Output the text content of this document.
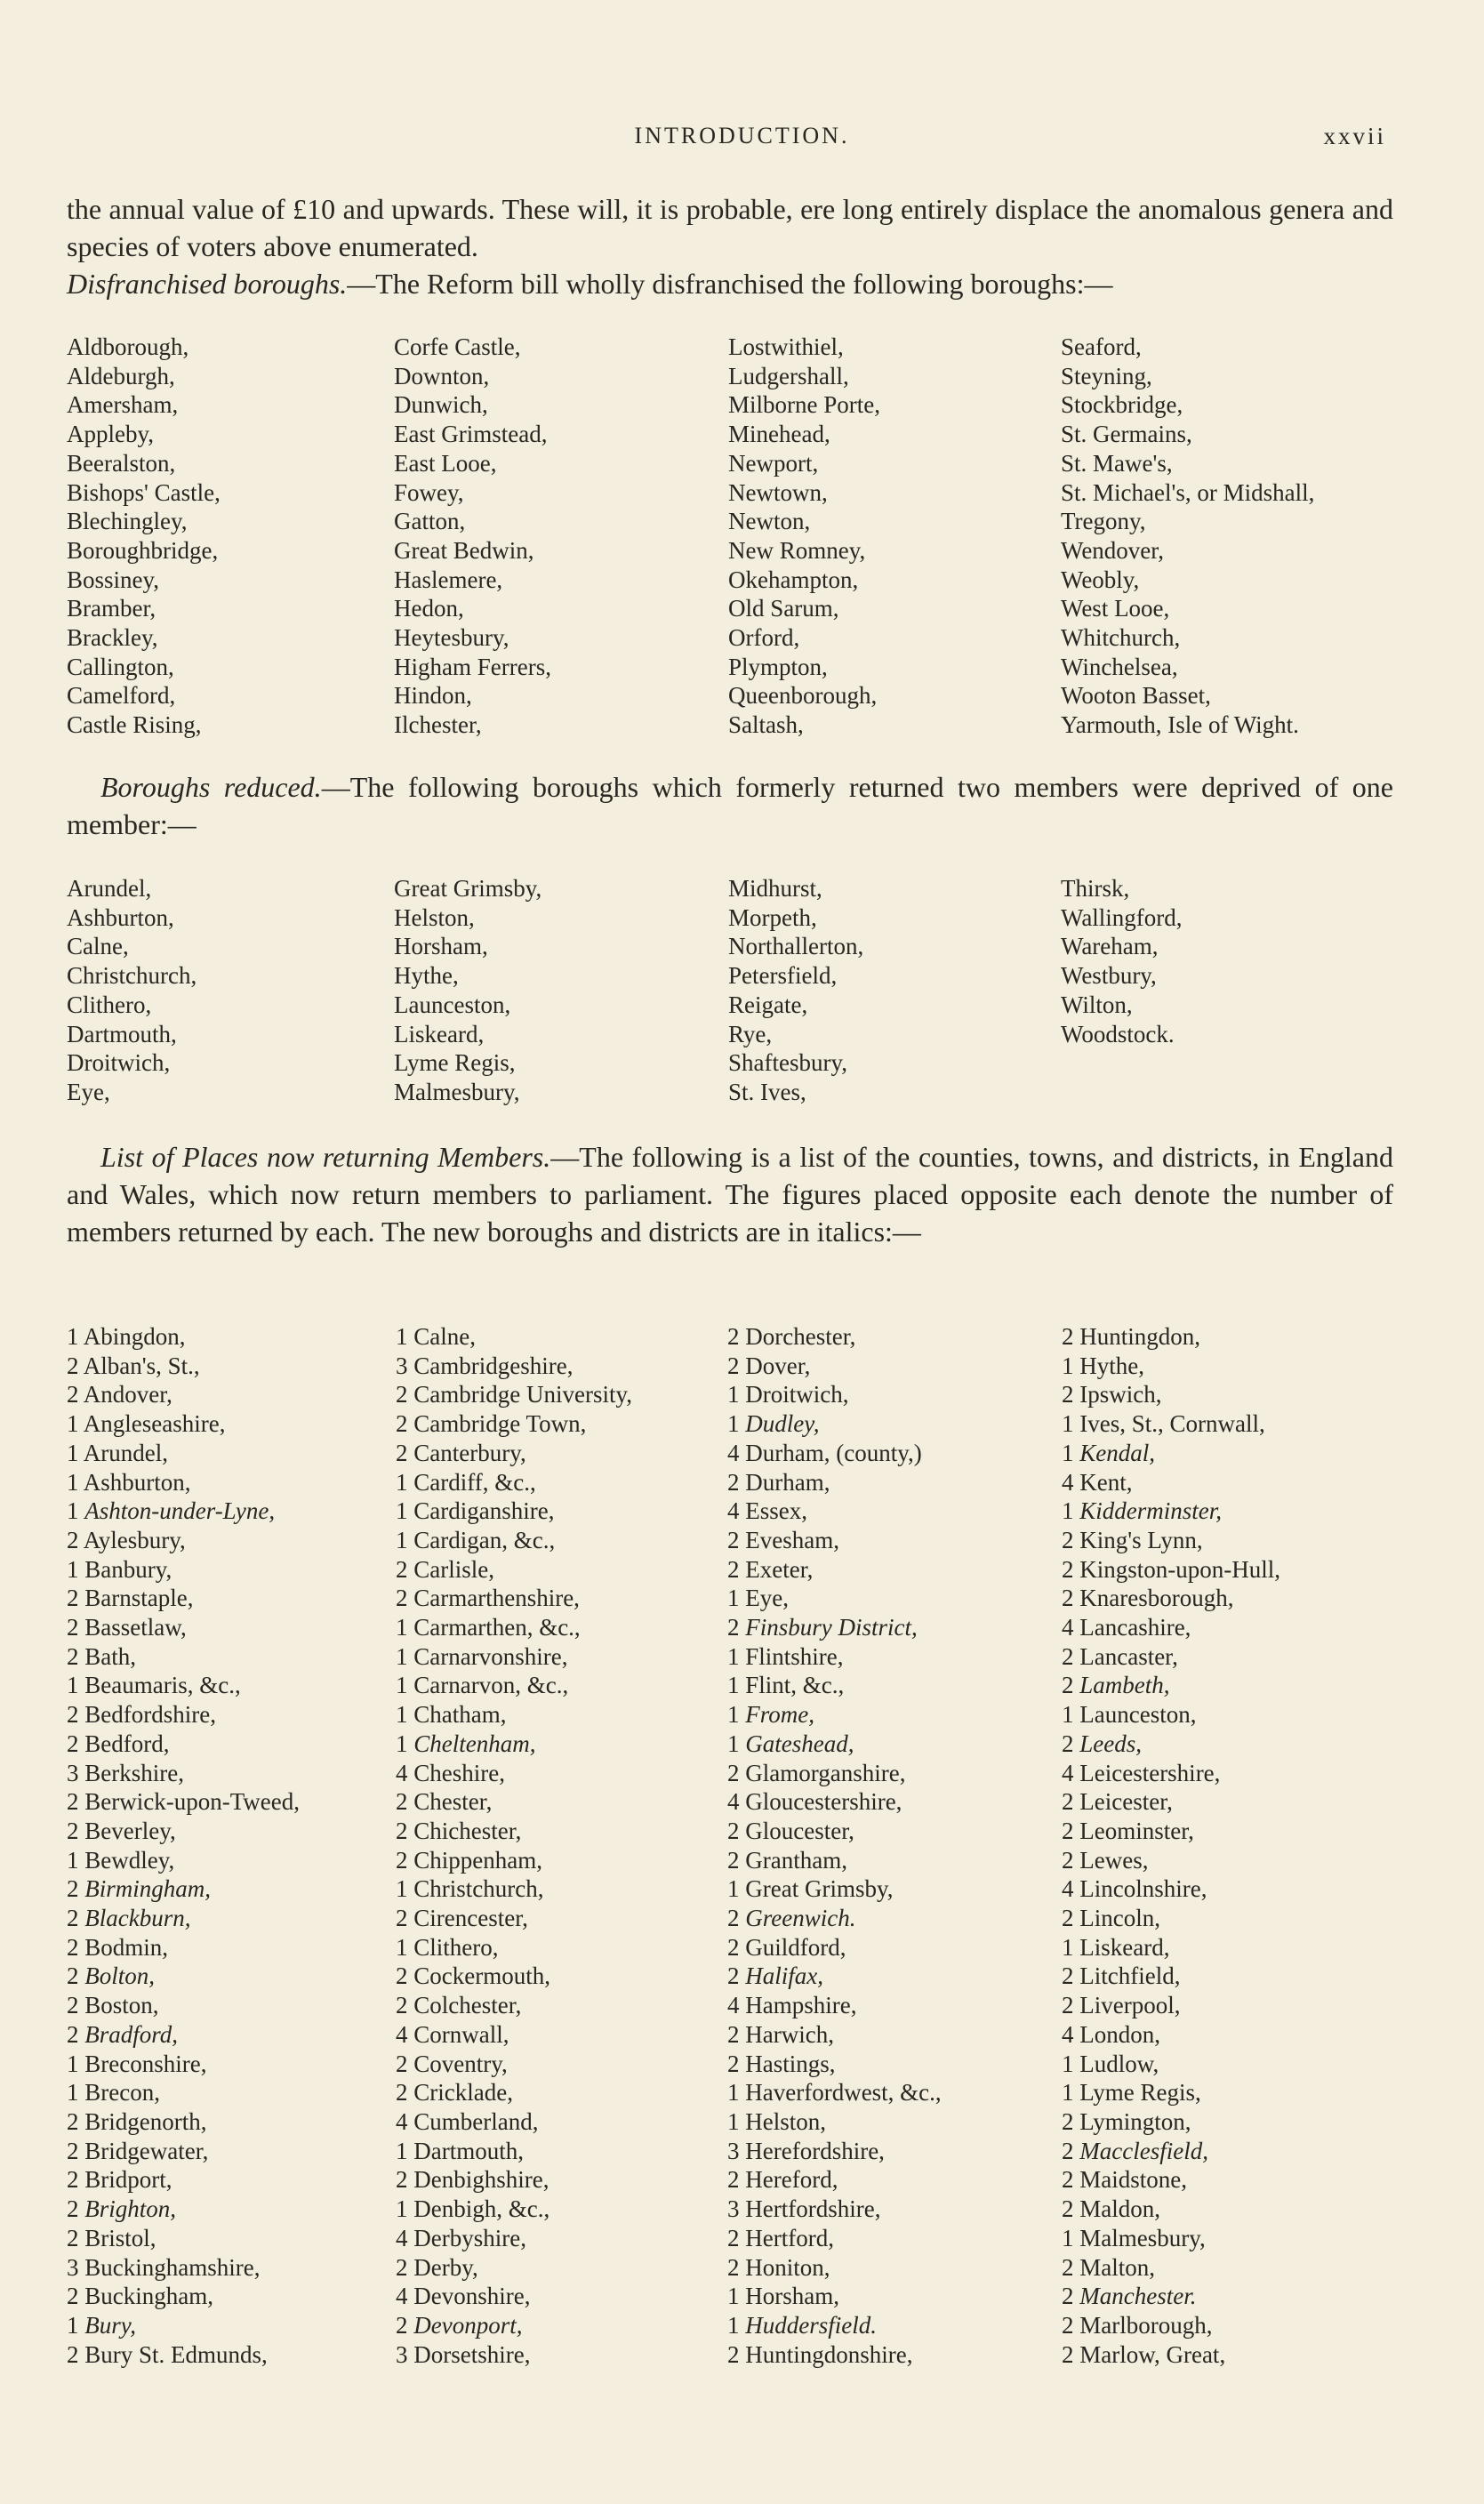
INTRODUCTION.	xxvii
the annual value of £10 and upwards. These will, it is probable, ere long entirely displace the anomalous genera and species of voters above enumerated.
Disfranchised boroughs.—The Reform bill wholly disfranchised the following boroughs:—
Aldborough,
Aldeburgh,
Amersham,
Appleby,
Beeralston,
Bishops' Castle,
Blechingley,
Boroughbridge,
Bossiney,
Bramber,
Brackley,
Callington,
Camelford,
Castle Rising,
Corfe Castle,
Downton,
Dunwich,
East Grimstead,
East Looe,
Fowey,
Gatton,
Great Bedwin,
Haslemere,
Hedon,
Heytesbury,
Higham Ferrers,
Hindon,
Ilchester,
Lostwithiel,
Ludgershall,
Milborne Porte,
Minehead,
Newport,
Newtown,
Newton,
New Romney,
Okehampton,
Old Sarum,
Orford,
Plympton,
Queenborough,
Saltash,
Seaford,
Steyning,
Stockbridge,
St. Germains,
St. Mawe's,
St. Michael's, or Midshall,
Tregony,
Wendover,
Weobly,
West Looe,
Whitchurch,
Winchelsea,
Wooton Basset,
Yarmouth, Isle of Wight.
Boroughs reduced.—The following boroughs which formerly returned two members were deprived of one member:—
Arundel,
Ashburton,
Calne,
Christchurch,
Clithero,
Dartmouth,
Droitwich,
Eye,
Great Grimsby,
Helston,
Horsham,
Hythe,
Launceston,
Liskeard,
Lyme Regis,
Malmesbury,
Midhurst,
Morpeth,
Northallerton,
Petersfield,
Reigate,
Rye,
Shaftesbury,
St. Ives,
Thirsk,
Wallingford,
Wareham,
Westbury,
Wilton,
Woodstock.
List of Places now returning Members.—The following is a list of the counties, towns, and districts, in England and Wales, which now return members to parliament. The figures placed opposite each denote the number of members returned by each. The new boroughs and districts are in italics:—
1 Abingdon,
2 Alban's, St.,
2 Andover,
1 Angleseashire,
1 Arundel,
1 Ashburton,
1 Ashton-under-Lyne,
2 Aylesbury,
1 Banbury,
2 Barnstaple,
2 Bassetlaw,
2 Bath,
1 Beaumaris, &c.,
2 Bedfordshire,
2 Bedford,
3 Berkshire,
2 Berwick-upon-Tweed,
2 Beverley,
1 Bewdley,
2 Birmingham,
2 Blackburn,
2 Bodmin,
2 Bolton,
2 Boston,
2 Bradford,
1 Breconshire,
1 Brecon,
2 Bridgenorth,
2 Bridgewater,
2 Bridport,
2 Brighton,
2 Bristol,
3 Buckinghamshire,
2 Buckingham,
1 Bury,
2 Bury St. Edmunds,
1 Calne,
3 Cambridgeshire,
2 Cambridge University,
2 Cambridge Town,
2 Canterbury,
1 Cardiff, &c.,
1 Cardiganshire,
1 Cardigan, &c.,
2 Carlisle,
2 Carmarthenshire,
1 Carmarthen, &c.,
1 Carnarvonshire,
1 Carnarvon, &c.,
1 Chatham,
1 Cheltenham,
4 Cheshire,
2 Chester,
2 Chichester,
2 Chippenham,
1 Christchurch,
2 Cirencester,
1 Clithero,
2 Cockermouth,
2 Colchester,
4 Cornwall,
2 Coventry,
2 Cricklade,
4 Cumberland,
1 Dartmouth,
2 Denbighshire,
1 Denbigh, &c.,
4 Derbyshire,
2 Derby,
4 Devonshire,
2 Devonport,
3 Dorsetshire,
2 Dorchester,
2 Dover,
1 Droitwich,
1 Dudley,
4 Durham, (county,)
2 Durham,
4 Essex,
2 Evesham,
2 Exeter,
1 Eye,
2 Finsbury District,
1 Flintshire,
1 Flint, &c.,
1 Frome,
1 Gateshead,
2 Glamorganshire,
4 Gloucestershire,
2 Gloucester,
2 Grantham,
1 Great Grimsby,
2 Greenwich.
2 Guildford,
2 Halifax,
4 Hampshire,
2 Harwich,
2 Hastings,
1 Haverfordwest, &c.,
1 Helston,
3 Herefordshire,
2 Hereford,
3 Hertfordshire,
2 Hertford,
2 Honiton,
1 Horsham,
1 Huddersfield.
2 Huntingdonshire,
2 Huntingdon,
1 Hythe,
2 Ipswich,
1 Ives, St., Cornwall,
1 Kendal,
4 Kent,
1 Kidderminster,
2 King's Lynn,
2 Kingston-upon-Hull,
2 Knaresborough,
4 Lancashire,
2 Lancaster,
2 Lambeth,
1 Launceston,
2 Leeds,
4 Leicestershire,
2 Leicester,
2 Leominster,
2 Lewes,
4 Lincolnshire,
2 Lincoln,
1 Liskeard,
2 Litchfield,
2 Liverpool,
4 London,
1 Ludlow,
1 Lyme Regis,
2 Lymington,
2 Macclesfield,
2 Maidstone,
2 Maldon,
1 Malmesbury,
2 Malton,
2 Manchester.
2 Marlborough,
2 Marlow, Great,
